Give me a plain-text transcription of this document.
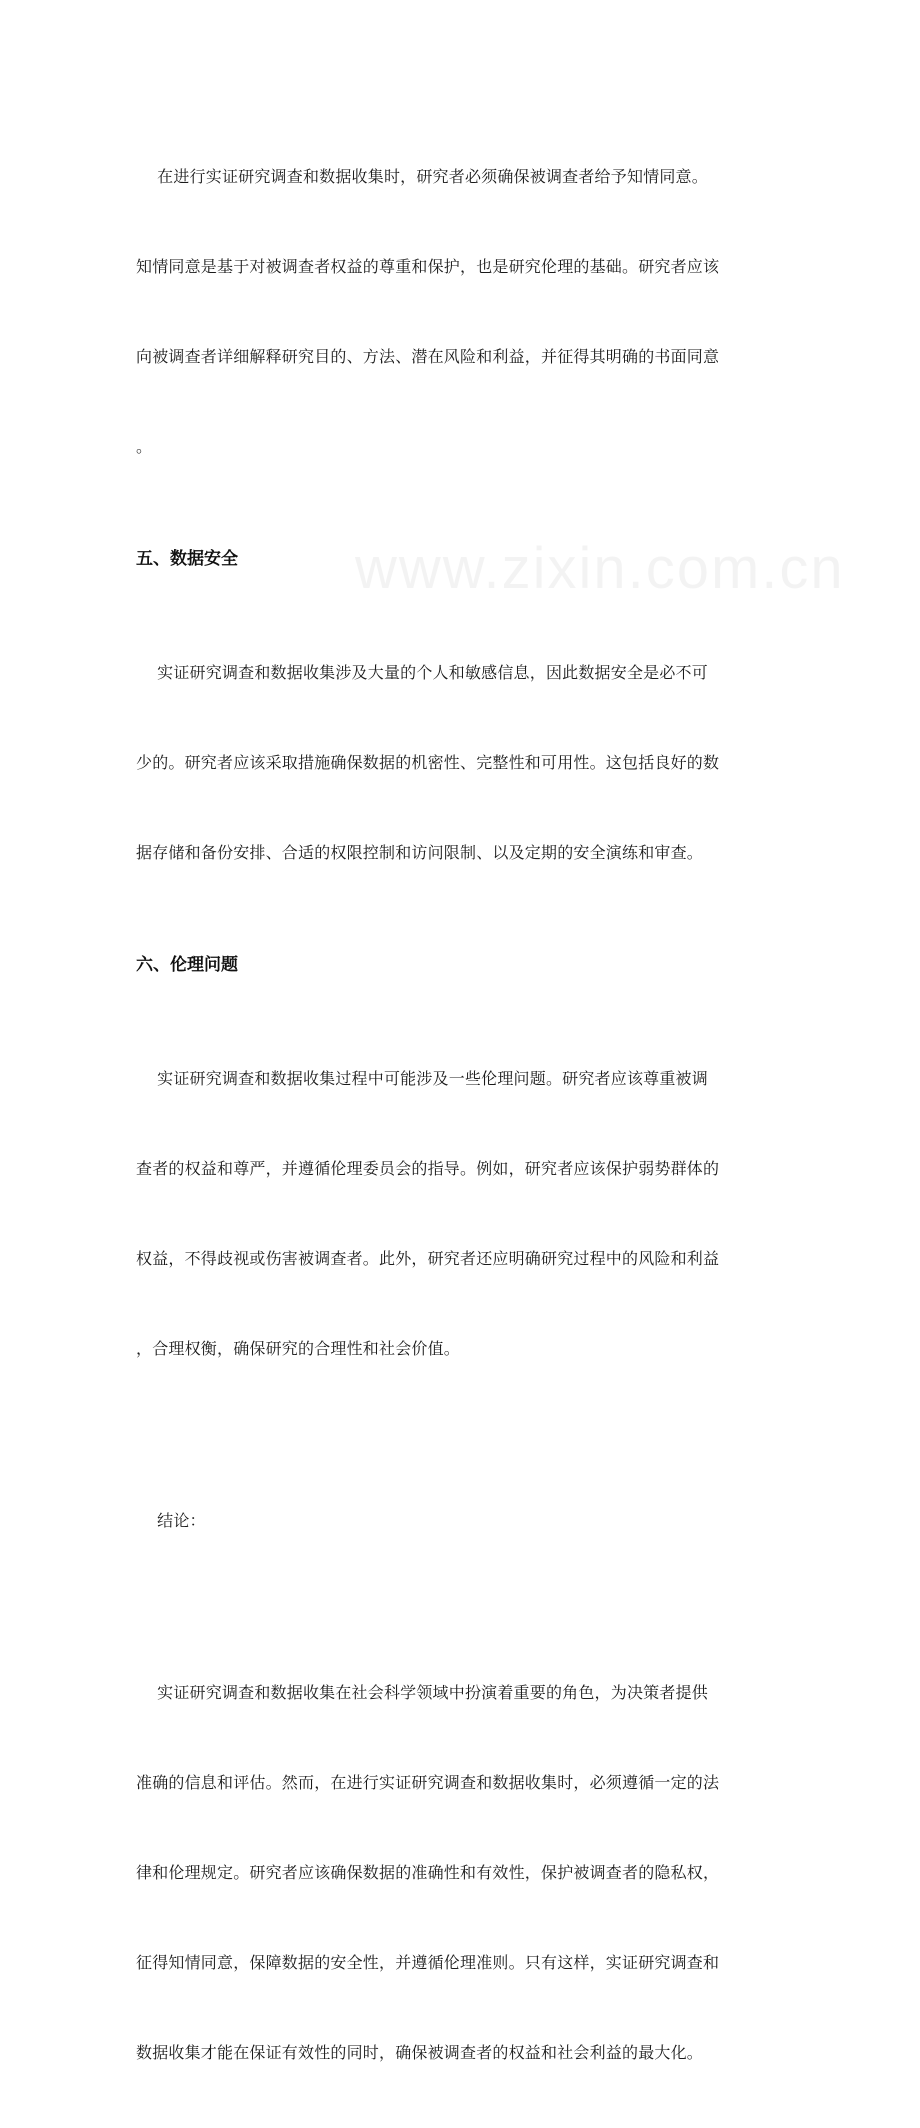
在进行实证研究调查和数据收集时，研究者必须确保被调查者给予知情同意。

知情同意是基于对被调查者权益的尊重和保护，也是研究伦理的基础。研究者应该

向被调查者详细解释研究目的、方法、潜在风险和利益，并征得其明确的书面同意

。

五、数据安全

实证研究调查和数据收集涉及大量的个人和敏感信息，因此数据安全是必不可

少的。研究者应该采取措施确保数据的机密性、完整性和可用性。这包括良好的数

据存储和备份安排、合适的权限控制和访问限制、以及定期的安全演练和审查。

六、伦理问题

实证研究调查和数据收集过程中可能涉及一些伦理问题。研究者应该尊重被调

查者的权益和尊严，并遵循伦理委员会的指导。例如，研究者应该保护弱势群体的

权益，不得歧视或伤害被调查者。此外，研究者还应明确研究过程中的风险和利益

，合理权衡，确保研究的合理性和社会价值。

结论：

实证研究调查和数据收集在社会科学领域中扮演着重要的角色，为决策者提供

准确的信息和评估。然而，在进行实证研究调查和数据收集时，必须遵循一定的法

律和伦理规定。研究者应该确保数据的准确性和有效性，保护被调查者的隐私权，

征得知情同意，保障数据的安全性，并遵循伦理准则。只有这样，实证研究调查和

数据收集才能在保证有效性的同时，确保被调查者的权益和社会利益的最大化。
